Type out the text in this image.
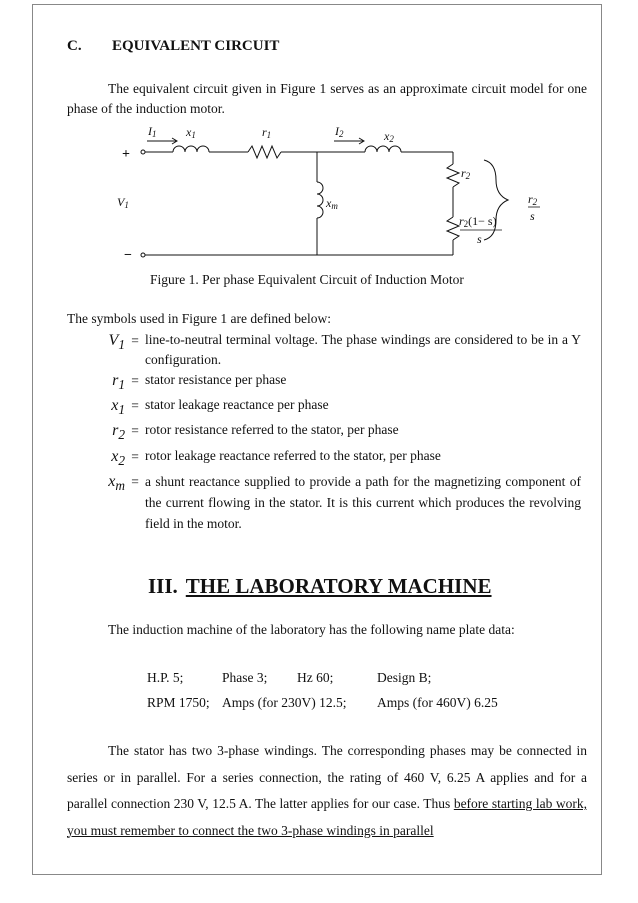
C. EQUIVALENT CIRCUIT
The equivalent circuit given in Figure 1 serves as an approximate circuit model for one phase of the induction motor.
I1 x1	r1	I2	x2
r2
xm
V1
+
−
r2(1− s)
s
r2
s
Figure 1. Per phase Equivalent Circuit of Induction Motor
The symbols used in Figure 1 are defined below:
$V_1$ = line-to-neutral terminal voltage. The phase windings are considered to be in a Y configuration.
$r_1$ = stator resistance per phase
$x_1$ = stator leakage reactance per phase
$r_2$ = rotor resistance referred to the stator, per phase
$x_2$ = rotor leakage reactance referred to the stator, per phase
$x_m = a$ shunt reactance supplied to provide a path for the magnetizing component of the current flowing in the stator. It is this current which produces the revolving field in the motor.
III. THE LABORATORY MACHINE
The induction machine of the laboratory has the following name plate data:
H.P. 5;	Phase 3; Hz 60;	Design B;
RPM 1750; Amps (for 230V) 12.5; Amps (for 460V) 6.25
The stator has two 3-phase windings. The corresponding phases may be connected in series or in parallel. For a series connection, the rating of 460 V, 6.25 A applies and for a parallel connection 230 V, 12.5 A. The latter applies for our case. Thus before starting lab work, you must remember to connect the two 3-phase windings in parallel
